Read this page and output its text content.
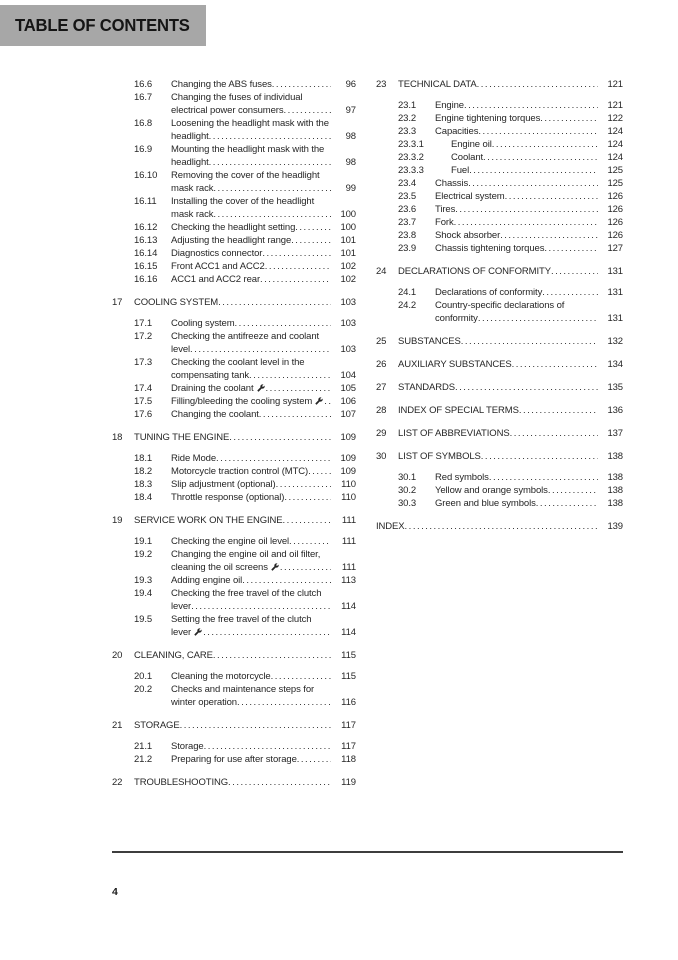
TABLE OF CONTENTS
16.6	Changing the ABS fuses	96
16.7	Changing the fuses of individual electrical power consumers	97
16.8	Loosening the headlight mask with the headlight	98
16.9	Mounting the headlight mask with the headlight	98
16.10	Removing the cover of the headlight mask rack	99
16.11	Installing the cover of the headlight mask rack	100
16.12	Checking the headlight setting	100
16.13	Adjusting the headlight range	101
16.14	Diagnostics connector	101
16.15	Front ACC1 and ACC2	102
16.16	ACC1 and ACC2 rear	102
17	COOLING SYSTEM	103
17.1	Cooling system	103
17.2	Checking the antifreeze and coolant level	103
17.3	Checking the coolant level in the compensating tank	104
17.4	Draining the coolant	105
17.5	Filling/bleeding the cooling system	106
17.6	Changing the coolant	107
18	TUNING THE ENGINE	109
18.1	Ride Mode	109
18.2	Motorcycle traction control (MTC)	109
18.3	Slip adjustment (optional)	110
18.4	Throttle response (optional)	110
19	SERVICE WORK ON THE ENGINE	111
19.1	Checking the engine oil level	111
19.2	Changing the engine oil and oil filter, cleaning the oil screens	111
19.3	Adding engine oil	113
19.4	Checking the free travel of the clutch lever	114
19.5	Setting the free travel of the clutch lever	114
20	CLEANING, CARE	115
20.1	Cleaning the motorcycle	115
20.2	Checks and maintenance steps for winter operation	116
21	STORAGE	117
21.1	Storage	117
21.2	Preparing for use after storage	118
22	TROUBLESHOOTING	119
23	TECHNICAL DATA	121
23.1	Engine	121
23.2	Engine tightening torques	122
23.3	Capacities	124
23.3.1	Engine oil	124
23.3.2	Coolant	124
23.3.3	Fuel	125
23.4	Chassis	125
23.5	Electrical system	126
23.6	Tires	126
23.7	Fork	126
23.8	Shock absorber	126
23.9	Chassis tightening torques	127
24	DECLARATIONS OF CONFORMITY	131
24.1	Declarations of conformity	131
24.2	Country-specific declarations of conformity	131
25	SUBSTANCES	132
26	AUXILIARY SUBSTANCES	134
27	STANDARDS	135
28	INDEX OF SPECIAL TERMS	136
29	LIST OF ABBREVIATIONS	137
30	LIST OF SYMBOLS	138
30.1	Red symbols	138
30.2	Yellow and orange symbols	138
30.3	Green and blue symbols	138
INDEX	139
4
